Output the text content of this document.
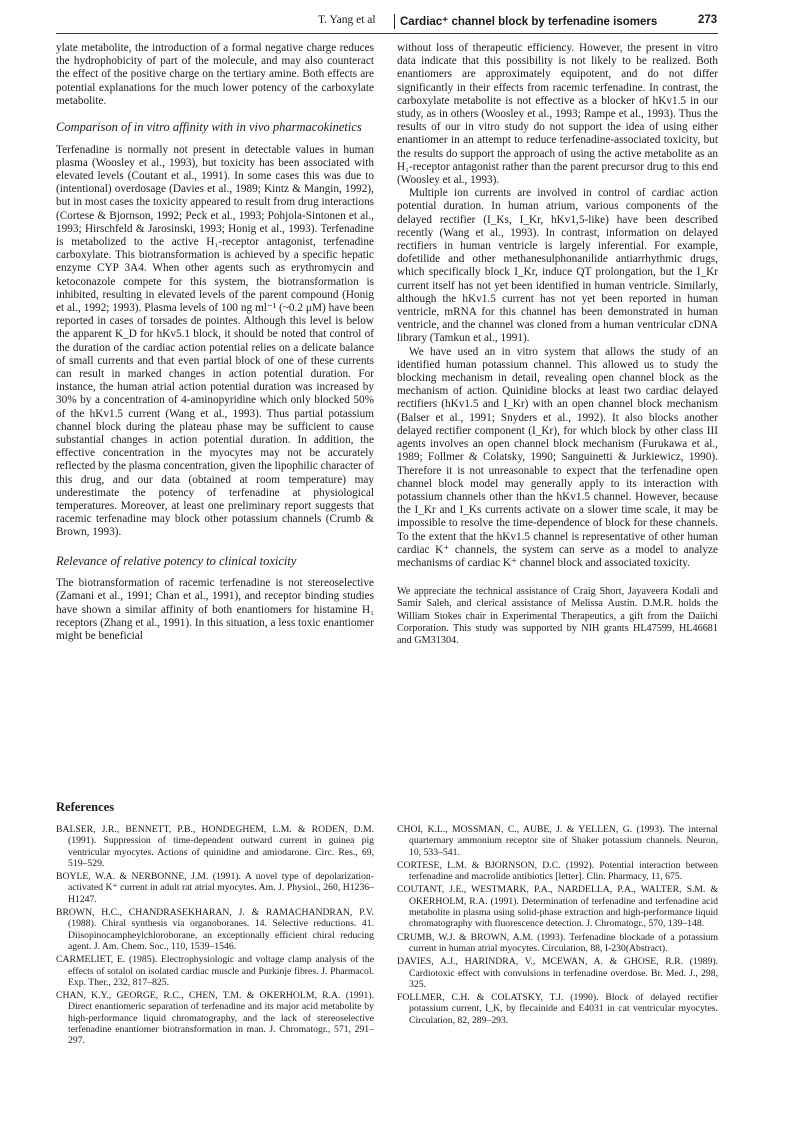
T. Yang et al Cardiac⁺ channel block by terfenadine isomers	273

ylate metabolite, the introduction of a formal negative charge reduces the hydrophobicity of part of the molecule, and may also counteract the effect of the positive charge on the tertiary amine. Both effects are potential explanations for the much lower potency of the carboxylate metabolite.

Comparison of in vitro affinity with in vivo pharmacokinetics

Terfenadine is normally not present in detectable values in human plasma (Woosley et al., 1993), but toxicity has been associated with elevated levels (Coutant et al., 1991). In some cases this was due to (intentional) overdosage (Davies et al., 1989; Kintz & Mangin, 1992), but in most cases the toxicity appeared to result from drug interactions (Cortese & Bjornson, 1992; Peck et al., 1993; Pohjola-Sintonen et al., 1993; Hirschfeld & Jarosinski, 1993; Honig et al., 1993). Terfenadine is metabolized to the active H₁-receptor antagonist, terfenadine carboxylate. This biotransformation is achieved by a specific hepatic enzyme CYP 3A4. When other agents such as erythromycin and ketoconazole compete for this system, the biotransformation is inhibited, resulting in elevated levels of the parent compound (Honig et al., 1992; 1993). Plasma levels of 100 ng ml⁻¹ (~0.2 μM) have been reported in cases of torsades de pointes. Although this level is below the apparent K_D for hKv5.1 block, it should be noted that control of the duration of the cardiac action potential relies on a delicate balance of small currents and that even partial block of one of these currents can result in marked changes in action potential duration. For instance, the human atrial action potential duration was increased by 30% by a concentration of 4-aminopyridine which only blocked 50% of the hKv1.5 current (Wang et al., 1993). Thus partial potassium channel block during the plateau phase may be sufficient to cause substantial changes in action potential duration. In addition, the effective concentration in the myocytes may not be accurately reflected by the plasma concentration, given the lipophilic character of this drug, and our data (obtained at room temperature) may underestimate the potency of terfenadine at physiological temperatures. Moreover, at least one preliminary report suggests that racemic terfenadine may block other potassium channels (Crumb & Brown, 1993).

Relevance of relative potency to clinical toxicity

The biotransformation of racemic terfenadine is not stereoselective (Zamani et al., 1991; Chan et al., 1991), and receptor binding studies have shown a similar affinity of both enantiomers for histamine H₁ receptors (Zhang et al., 1991). In this situation, a less toxic enantiomer might be beneficial

without loss of therapeutic efficiency. However, the present in vitro data indicate that this possibility is not likely to be realized. Both enantiomers are approximately equipotent, and do not differ significantly in their effects from racemic terfenadine. In contrast, the carboxylate metabolite is not effective as a blocker of hKv1.5 in our study, as in others (Woosley et al., 1993; Rampe et al., 1993). Thus the results of our in vitro study do not support the idea of using either enantiomer in an attempt to reduce terfenadine-associated toxicity, but the results do support the approach of using the active metabolite as an H₁-receptor antagonist rather than the parent precursor drug to this end (Woosley et al., 1993).

Multiple ion currents are involved in control of cardiac action potential duration. In human atrium, various components of the delayed rectifier (I_Ks, I_Kr, hKv1,5-like) have been described recently (Wang et al., 1993). In contrast, information on delayed rectifiers in human ventricle is largely inferential. For example, dofetilide and other methanesulphonanilide antiarrhythmic drugs, which specifically block I_Kr, induce QT prolongation, but the I_Kr current itself has not yet been identified in human ventricle. Similarly, although the hKv1.5 current has not yet been reported in human ventricle, mRNA for this channel has been demonstrated in human ventricle, and the channel was cloned from a human ventricular cDNA library (Tamkun et al., 1991).

We have used an in vitro system that allows the study of an identified human potassium channel. This allowed us to study the blocking mechanism in detail, revealing open channel block as the mechanism of action. Quinidine blocks at least two cardiac delayed rectifiers (hKv1.5 and I_Kr) with an open channel block mechanism (Balser et al., 1991; Snyders et al., 1992). It also blocks another delayed rectifier component (I_Kr), for which block by other class III agents involves an open channel block mechanism (Furukawa et al., 1989; Follmer & Colatsky, 1990; Sanguinetti & Jurkiewicz, 1990). Therefore it is not unreasonable to expect that the terfenadine open channel block model may generally apply to its interaction with potassium channels other than the hKv1.5 channel. However, because the I_Kr and I_Ks currents activate on a slower time scale, it may be impossible to resolve the time-dependence of block for these channels. To the extent that the hKv1.5 channel is representative of other human cardiac K⁺ channels, the system can serve as a model to analyze mechanisms of cardiac K⁺ channel block and associated toxicity.

We appreciate the technical assistance of Craig Short, Jayaveera Kodali and Samir Saleh, and clerical assistance of Melissa Austin. D.M.R. holds the William Stokes chair in Experimental Therapeutics, a gift from the Daiichi Corporation. This study was supported by NIH grants HL47599, HL46681 and GM31304.

References

BALSER, J.R., BENNETT, P.B., HONDEGHEM, L.M. & RODEN, D.M. (1991). Suppression of time-dependent outward current in guinea pig ventricular myocytes. Actions of quinidine and amiodarone. Circ. Res., 69, 519–529.

BOYLE, W.A. & NERBONNE, J.M. (1991). A novel type of depolarization-activated K⁺ current in adult rat atrial myocytes. Am. J. Physiol., 260, H1236–H1247.

BROWN, H.C., CHANDRASEKHARAN, J. & RAMACHANDRAN, P.V. (1988). Chiral synthesis via organoboranes. 14. Selective reductions. 41. Diisopinocampheylchloroborane, an exceptionally efficient chiral reducing agent. J. Am. Chem. Soc., 110, 1539–1546.

CARMELIET, E. (1985). Electrophysiologic and voltage clamp analysis of the effects of sotalol on isolated cardiac muscle and Purkinje fibres. J. Pharmacol. Exp. Ther., 232, 817–825.

CHAN, K.Y., GEORGE, R.C., CHEN, T.M. & OKERHOLM, R.A. (1991). Direct enantiomeric separation of terfenadine and its major acid metabolite by high-performance liquid chromatography, and the lack of stereoselective terfenadine enantiomer biotransformation in man. J. Chromatogr., 571, 291–297.

CHOI, K.L., MOSSMAN, C., AUBE, J. & YELLEN, G. (1993). The internal quarternary ammonium receptor site of Shaker potassium channels. Neuron, 10, 533–541.

CORTESE, L.M. & BJORNSON, D.C. (1992). Potential interaction between terfenadine and macrolide antibiotics [letter]. Clin. Pharmacy, 11, 675.

COUTANT, J.E., WESTMARK, P.A., NARDELLA, P.A., WALTER, S.M. & OKERHOLM, R.A. (1991). Determination of terfenadine and terfenadine acid metabolite in plasma using solid-phase extraction and high-performance liquid chromatography with fluorescence detection. J. Chromatogr., 570, 139–148.

CRUMB, W.J. & BROWN, A.M. (1993). Terfenadine blockade of a potassium current in human atrial myocytes. Circulation, 88, I-230(Abstract).

DAVIES, A.J., HARINDRA, V., MCEWAN, A. & GHOSE, R.R. (1989). Cardiotoxic effect with convulsions in terfenadine overdose. Br. Med. J., 298, 325.

FOLLMER, C.H. & COLATSKY, T.J. (1990). Block of delayed rectifier potassium current, I_K, by flecainide and E4031 in cat ventricular myocytes. Circulation, 82, 289–293.
